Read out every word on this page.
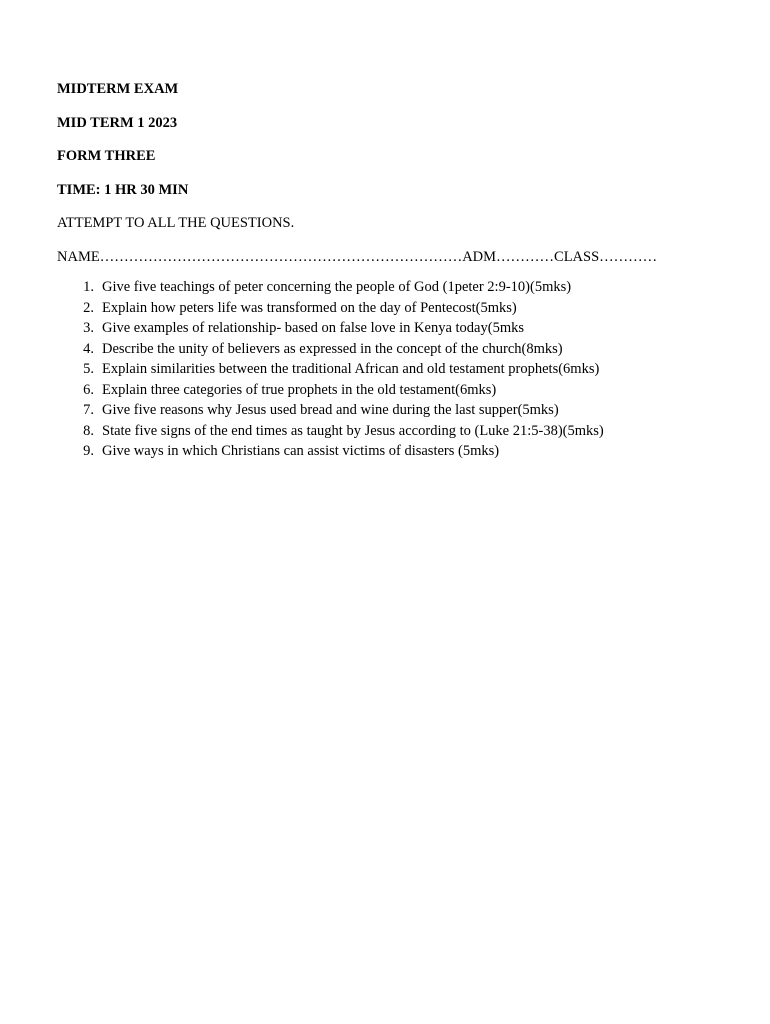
MIDTERM EXAM

MID TERM 1 2023

FORM THREE

TIME: 1 HR 30 MIN

ATTEMPT TO ALL THE QUESTIONS.

NAME…………………………………………………………………ADM…………CLASS…………

1. Give five teachings of peter concerning the people of God (1peter 2:9-10)(5mks)
2. Explain how peters life was transformed on the day of Pentecost(5mks)
3. Give examples of relationship- based on false love in Kenya today(5mks
4. Describe the unity of believers as expressed in the concept of the church(8mks)
5. Explain similarities between the traditional African and old testament prophets(6mks)
6. Explain three categories of true prophets in the old testament(6mks)
7. Give five reasons why Jesus used bread and wine during the last supper(5mks)
8. State five signs of the end times as taught by Jesus according to (Luke 21:5-38)(5mks)
9. Give ways in which Christians can assist victims of disasters (5mks)
